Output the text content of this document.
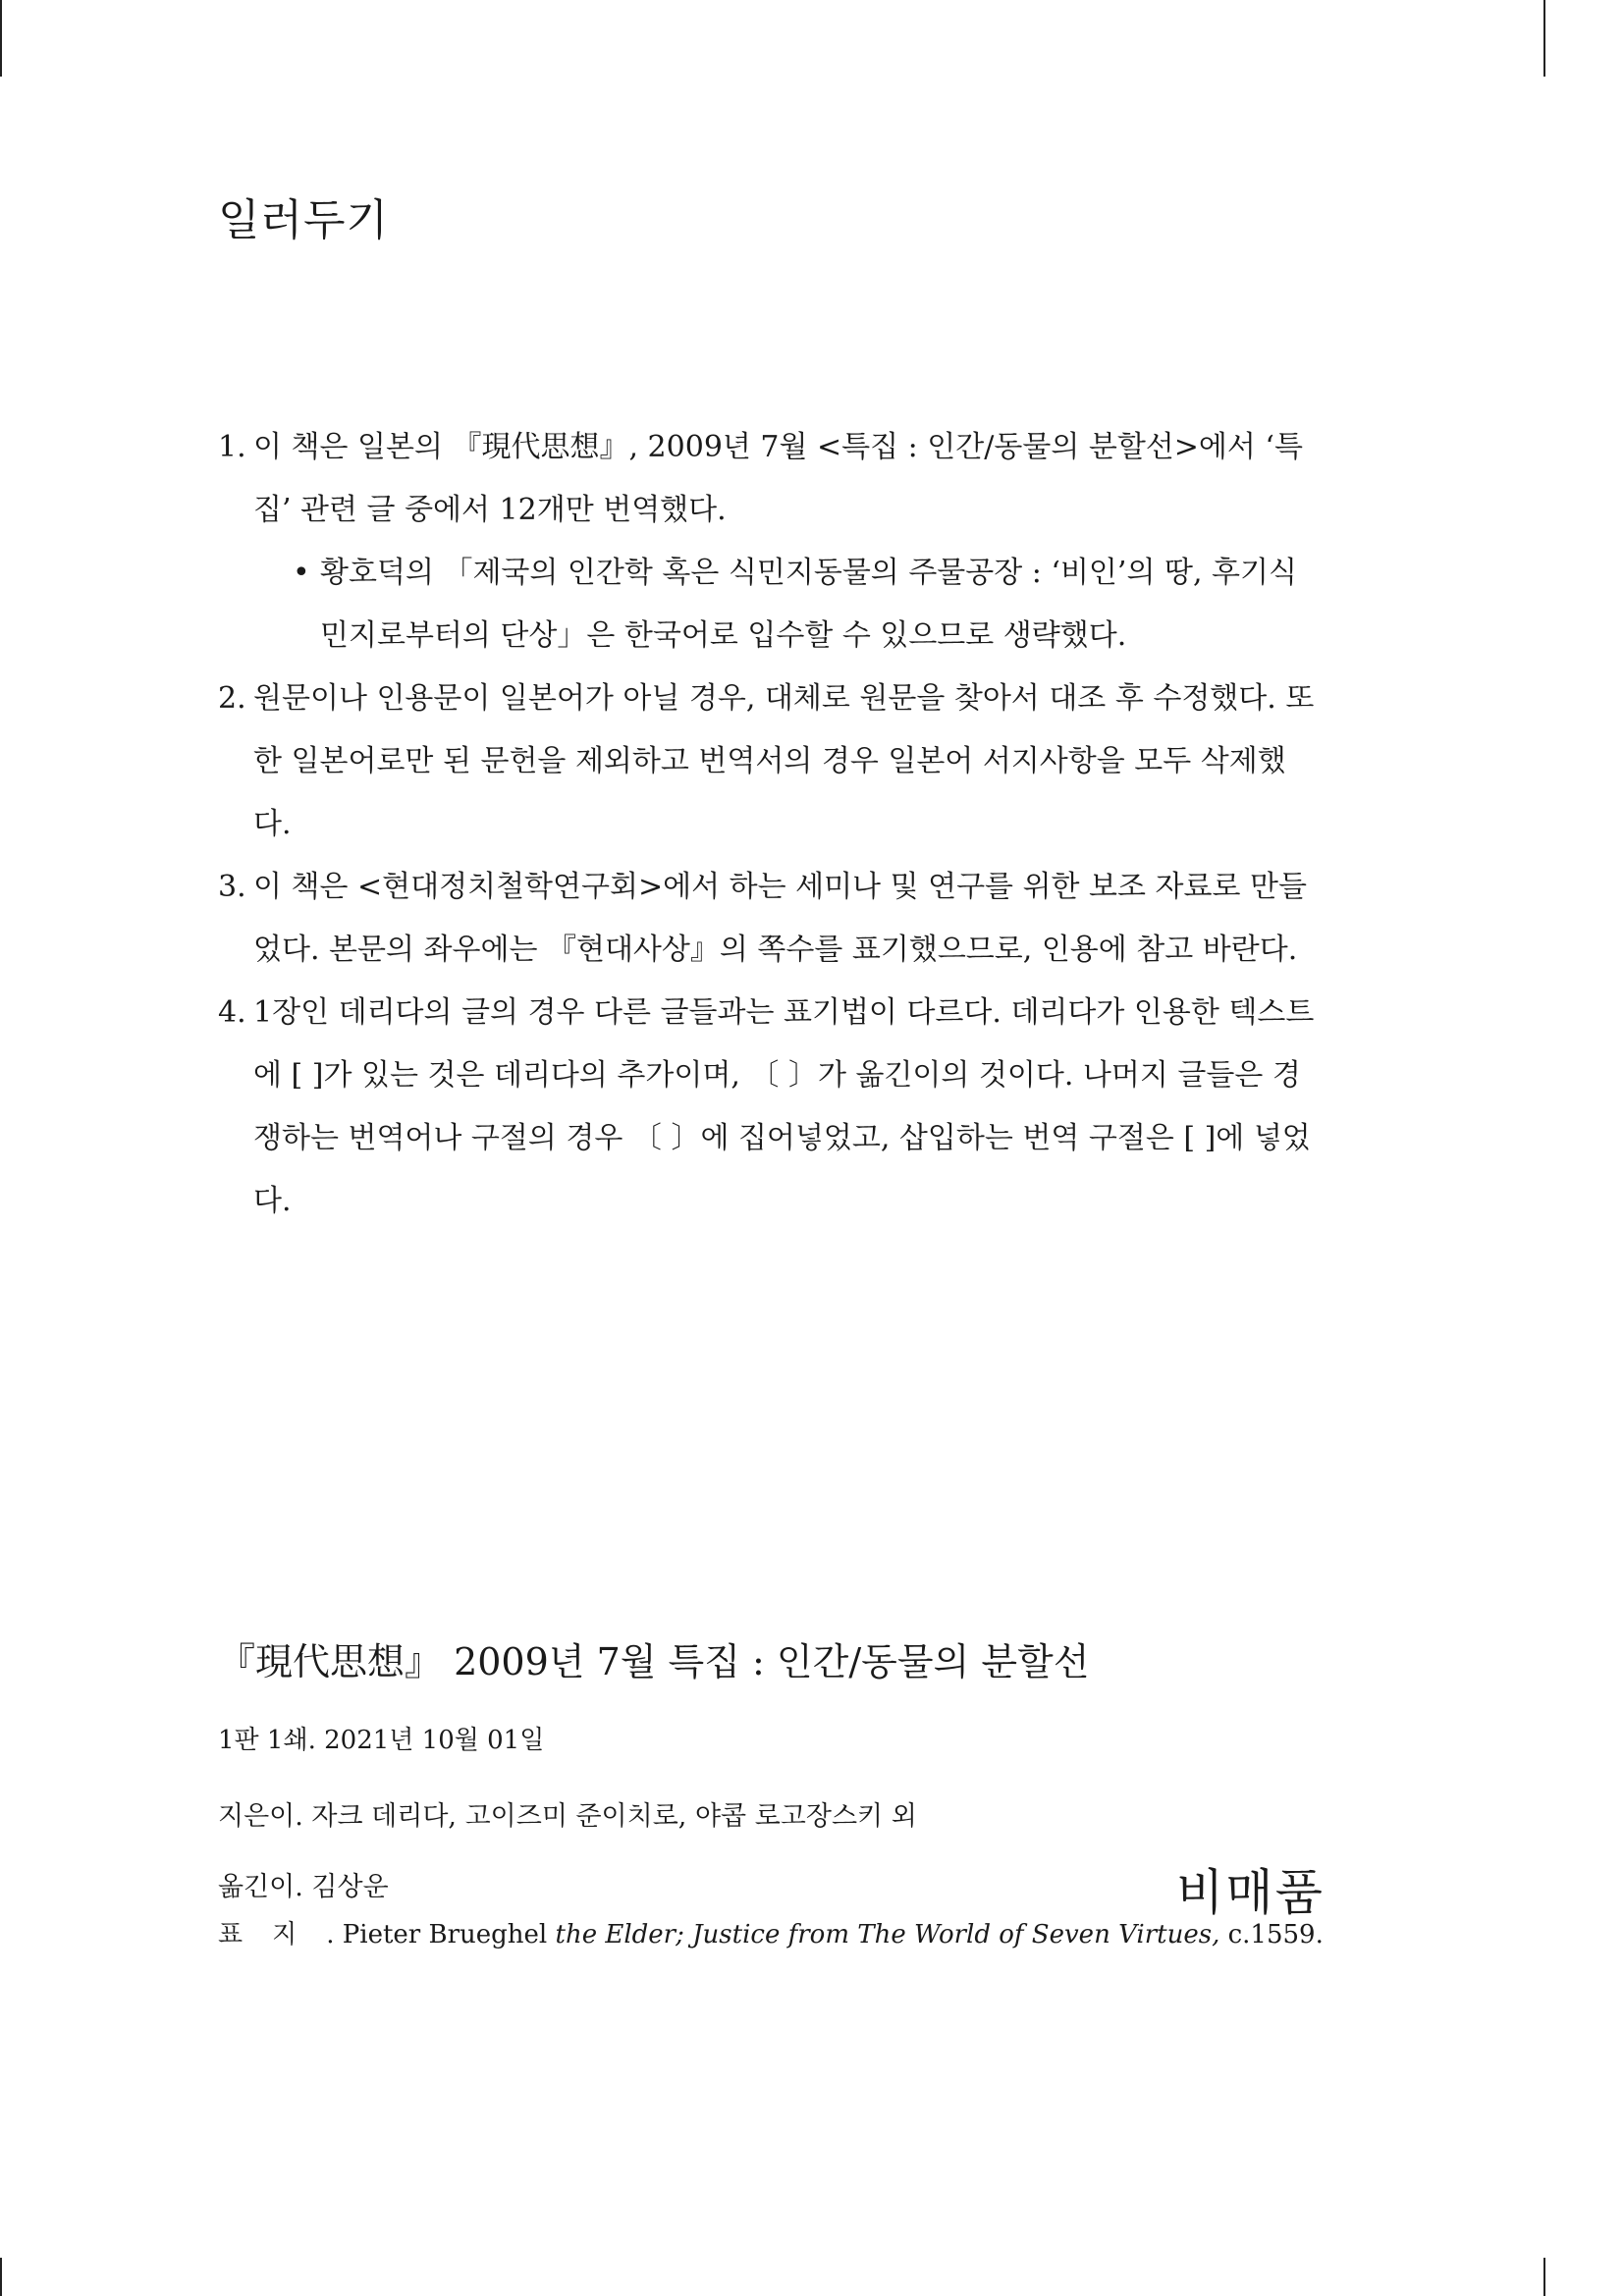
일러두기
1. 이 책은 일본의 『現代思想』, 2009년 7월 <특집 : 인간/동물의 분할선>에서 ‘특집’ 관련 글 중에서 12개만 번역했다.
• 황호덕의 「제국의 인간학 혹은 식민지동물의 주물공장 : ‘비인’의 땅, 후기식민지로부터의 단상」은 한국어로 입수할 수 있으므로 생략했다.
2. 원문이나 인용문이 일본어가 아닐 경우, 대체로 원문을 찾아서 대조 후 수정했다. 또한 일본어로만 된 문헌을 제외하고 번역서의 경우 일본어 서지사항을 모두 삭제했다.
3. 이 책은 <현대정치철학연구회>에서 하는 세미나 및 연구를 위한 보조 자료로 만들었다. 본문의 좌우에는 『현대사상』의 쪽수를 표기했으므로, 인용에 참고 바란다.
4. 1장인 데리다의 글의 경우 다른 글들과는 표기법이 다르다. 데리다가 인용한 텍스트에 [ ]가 있는 것은 데리다의 추가이며, 〔 〕가 옮긴이의 것이다. 나머지 글들은 경쟁하는 번역어나 구절의 경우 〔 〕에 집어넣었고, 삽입하는 번역 구절은 [ ]에 넣었다.
『現代思想』 2009년 7월 특집 : 인간/동물의 분할선
1판 1쇄. 2021년 10월 01일
지은이. 자크 데리다, 고이즈미 준이치로, 야콥 로고장스키 외
옮긴이. 김상운
표지. Pieter Brueghel the Elder; Justice from The World of Seven Virtues, c.1559.
비매품
